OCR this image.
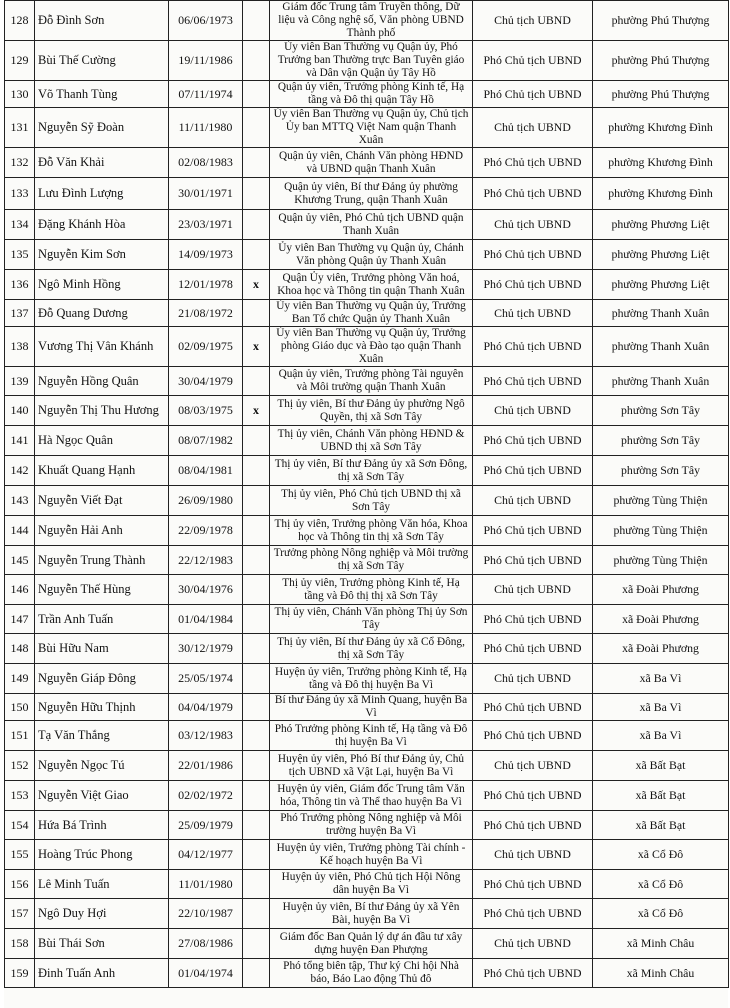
128	Đỗ Đình Sơn	06/06/1973		Giám đốc Trung tâm Truyền thông, Dữ liệu và Công nghệ số, Văn phòng UBND Thành phố	Chủ tịch UBND	phường Phú Thượng
129	Bùi Thế Cường	19/11/1986		Ủy viên Ban Thường vụ Quận ủy, Phó Trưởng ban Thường trực Ban Tuyên giáo và Dân vận Quận ủy Tây Hồ	Phó Chủ tịch UBND	phường Phú Thượng
130	Võ Thanh Tùng	07/11/1974		Quận ủy viên, Trưởng phòng Kinh tế, Hạ tầng và Đô thị quận Tây Hồ	Phó Chủ tịch UBND	phường Phú Thượng
131	Nguyễn Sỹ Đoàn	11/11/1980		Ủy viên Ban Thường vụ Quận ủy, Chủ tịch Ủy ban MTTQ Việt Nam quận Thanh Xuân	Chủ tịch UBND	phường Khương Đình
132	Đỗ Văn Khải	02/08/1983		Quận ủy viên, Chánh Văn phòng HĐND và UBND quận Thanh Xuân	Phó Chủ tịch UBND	phường Khương Đình
133	Lưu Đình Lượng	30/01/1971		Quận ủy viên, Bí thư Đảng ủy phường Khương Trung, quận Thanh Xuân	Phó Chủ tịch UBND	phường Khương Đình
134	Đặng Khánh Hòa	23/03/1971		Quận ủy viên, Phó Chủ tịch UBND quận Thanh Xuân	Chủ tịch UBND	phường Phương Liệt
135	Nguyễn Kim Sơn	14/09/1973		Ủy viên Ban Thường vụ Quận ủy, Chánh Văn phòng Quận ủy Thanh Xuân	Phó Chủ tịch UBND	phường Phương Liệt
136	Ngô Minh Hồng	12/01/1978	x	Quận Ủy viên, Trưởng phòng Văn hoá, Khoa học và Thông tin quận Thanh Xuân	Phó Chủ tịch UBND	phường Phương Liệt
137	Đỗ Quang Dương	21/08/1972		Ủy viên Ban Thường vụ Quận ủy, Trưởng Ban Tổ chức Quận ủy Thanh Xuân	Chủ tịch UBND	phường Thanh Xuân
138	Vương Thị Vân Khánh	02/09/1975	x	Ủy viên Ban Thường vụ Quận ủy, Trưởng phòng Giáo dục và Đào tạo quận Thanh Xuân	Phó Chủ tịch UBND	phường Thanh Xuân
139	Nguyễn Hồng Quân	30/04/1979		Quận ủy viên, Trưởng phòng Tài nguyên và Môi trường quận Thanh Xuân	Phó Chủ tịch UBND	phường Thanh Xuân
140	Nguyễn Thị Thu Hương	08/03/1975	x	Thị ủy viên, Bí thư Đảng ủy phường Ngô Quyền, thị xã Sơn Tây	Chủ tịch UBND	phường Sơn Tây
141	Hà Ngọc Quân	08/07/1982		Thị ủy viên, Chánh Văn phòng HĐND & UBND thị xã Sơn Tây	Phó Chủ tịch UBND	phường Sơn Tây
142	Khuất Quang Hạnh	08/04/1981		Thị ủy viên, Bí thư Đảng ủy xã Sơn Đông, thị xã Sơn Tây	Phó Chủ tịch UBND	phường Sơn Tây
143	Nguyễn Viết Đạt	26/09/1980		Thị ủy viên, Phó Chủ tịch UBND thị xã Sơn Tây	Chủ tịch UBND	phường Tùng Thiện
144	Nguyễn Hải Anh	22/09/1978		Thị ủy viên, Trưởng phòng Văn hóa, Khoa học và Thông tin thị xã Sơn Tây	Phó Chủ tịch UBND	phường Tùng Thiện
145	Nguyễn Trung Thành	22/12/1983		Trưởng phòng Nông nghiệp và Môi trường thị xã Sơn Tây	Phó Chủ tịch UBND	phường Tùng Thiện
146	Nguyễn Thế Hùng	30/04/1976		Thị ủy viên, Trưởng phòng Kinh tế, Hạ tầng và Đô thị thị xã Sơn Tây	Chủ tịch UBND	xã Đoài Phương
147	Trần Anh Tuấn	01/04/1984		Thị ủy viên, Chánh Văn phòng Thị ủy Sơn Tây	Phó Chủ tịch UBND	xã Đoài Phương
148	Bùi Hữu Nam	30/12/1979		Thị ủy viên, Bí thư Đảng ủy xã Cổ Đông, thị xã Sơn Tây	Phó Chủ tịch UBND	xã Đoài Phương
149	Nguyễn Giáp Đông	25/05/1974		Huyện ủy viên, Trưởng phòng Kinh tế, Hạ tầng và Đô thị huyện Ba Vì	Chủ tịch UBND	xã Ba Vì
150	Nguyễn Hữu Thịnh	04/04/1979		Bí thư Đảng ủy xã Minh Quang, huyện Ba Vì	Phó Chủ tịch UBND	xã Ba Vì
151	Tạ Văn Thắng	03/12/1983		Phó Trưởng phòng Kinh tế, Hạ tầng và Đô thị huyện Ba Vì	Phó Chủ tịch UBND	xã Ba Vì
152	Nguyễn Ngọc Tú	22/01/1986		Huyện ủy viên, Phó Bí thư Đảng ủy, Chủ tịch UBND xã Vật Lại, huyện Ba Vì	Chủ tịch UBND	xã Bất Bạt
153	Nguyễn Việt Giao	02/02/1972		Huyện ủy viên, Giám đốc Trung tâm Văn hóa, Thông tin và Thể thao huyện Ba Vì	Phó Chủ tịch UBND	xã Bất Bạt
154	Hứa Bá Trình	25/09/1979		Phó Trưởng phòng Nông nghiệp và Môi trường huyện Ba Vì	Phó Chủ tịch UBND	xã Bất Bạt
155	Hoàng Trúc Phong	04/12/1977		Huyện ủy viên, Trưởng phòng Tài chính - Kế hoạch huyện Ba Vì	Chủ tịch UBND	xã Cổ Đô
156	Lê Minh Tuấn	11/01/1980		Huyện ủy viên, Phó Chủ tịch Hội Nông dân huyện Ba Vì	Phó Chủ tịch UBND	xã Cổ Đô
157	Ngô Duy Hợi	22/10/1987		Huyện ủy viên, Bí thư Đảng ủy xã Yên Bài, huyện Ba Vì	Phó Chủ tịch UBND	xã Cổ Đô
158	Bùi Thái Sơn	27/08/1986		Giám đốc Ban Quản lý dự án đầu tư xây dựng huyện Đan Phượng	Chủ tịch UBND	xã Minh Châu
159	Đinh Tuấn Anh	01/04/1974		Phó tổng biên tập, Thư ký Chi hội Nhà báo, Báo Lao động Thủ đô	Phó Chủ tịch UBND	xã Minh Châu
